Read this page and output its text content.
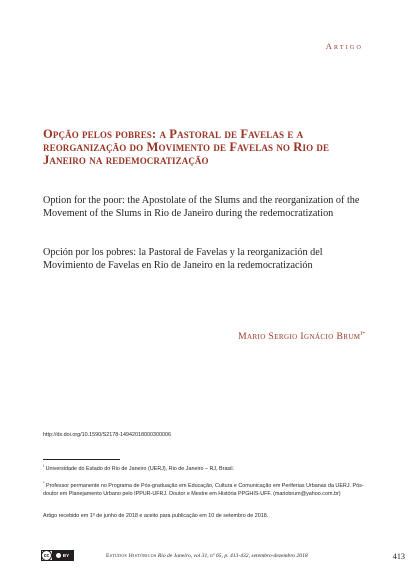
Artigo
Opção pelos pobres: a Pastoral de Favelas e a reorganização do Movimento de Favelas no Rio de Janeiro na redemocratização
Option for the poor: the Apostolate of the Slums and the reorganization of the Movement of the Slums in Rio de Janeiro during the redemocratization
Opción por los pobres: la Pastoral de Favelas y la reorganización del Movimiento de Favelas en Rio de Janeiro en la redemocratización
Mario Sergio Ignácio Brum$^{I*}$
http://dx.doi.org/10.1590/S2178-14942018000300006
$^I$ Universidade do Estado do Rio de Janeiro (UERJ), Rio de Janeiro – RJ, Brasil.
* Professor permanente no Programa de Pós-graduação em Educação, Cultura e Comunicação em Periferias Urbanas da UERJ. Pós-doutor em Planejamento Urbano pelo IPPUR-UFRJ. Doutor e Mestre em História PPGHIS-UFF. (mariobrum@yahoo.com.br)
Artigo recebido em 1º de junho de 2018 e aceito para publicação em 10 de setembro de 2018.
cc	BY	Estudos Históricos Rio de Janeiro, vol 31, nº 65, p. 413-432, setembro-dezembro 2018	413
